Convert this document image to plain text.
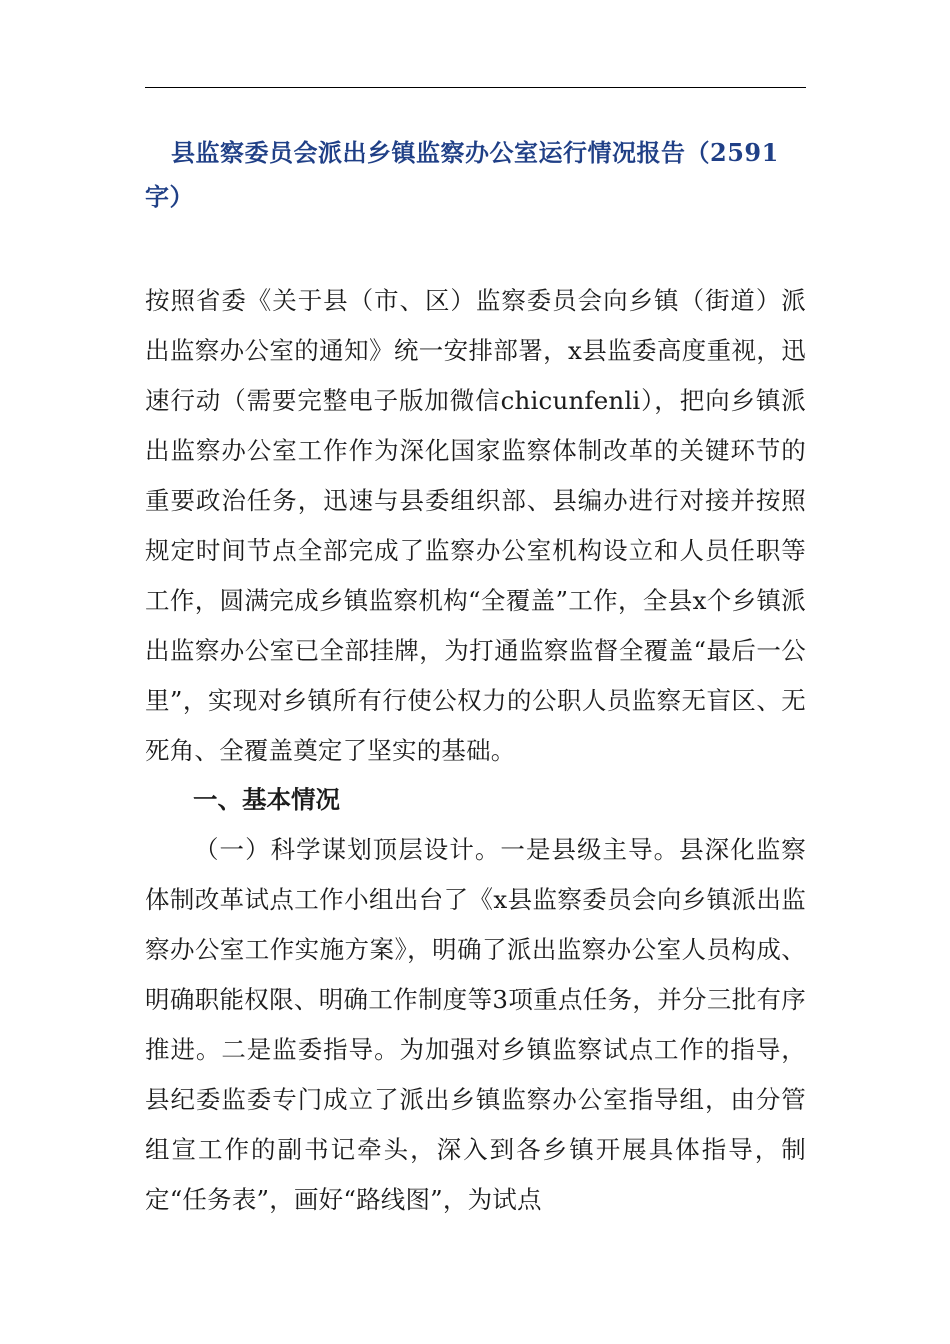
县监察委员会派出乡镇监察办公室运行情况报告（2591字）
按照省委《关于县（市、区）监察委员会向乡镇（街道）派出监察办公室的通知》统一安排部署，x县监委高度重视，迅速行动（需要完整电子版加微信chicunfenli），把向乡镇派出监察办公室工作作为深化国家监察体制改革的关键环节的重要政治任务，迅速与县委组织部、县编办进行对接并按照规定时间节点全部完成了监察办公室机构设立和人员任职等工作，圆满完成乡镇监察机构“全覆盖”工作，全县x个乡镇派出监察办公室已全部挂牌，为打通监察监督全覆盖“最后一公里”，实现对乡镇所有行使公权力的公职人员监察无盲区、无死角、全覆盖奠定了坚实的基础。
一、基本情况
（一）科学谋划顶层设计。一是县级主导。县深化监察体制改革试点工作小组出台了《x县监察委员会向乡镇派出监察办公室工作实施方案》，明确了派出监察办公室人员构成、明确职能权限、明确工作制度等3项重点任务，并分三批有序推进。二是监委指导。为加强对乡镇监察试点工作的指导，县纪委监委专门成立了派出乡镇监察办公室指导组，由分管组宣工作的副书记牵头，深入到各乡镇开展具体指导，制定“任务表”，画好“路线图”，为试点
